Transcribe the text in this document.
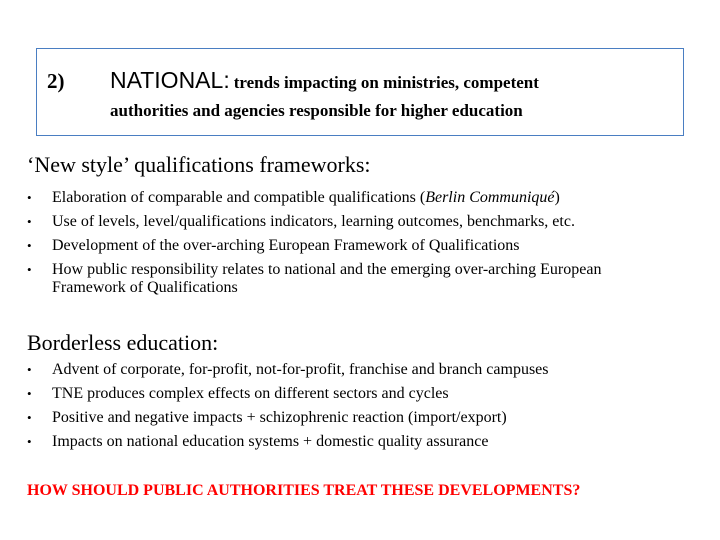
2) NATIONAL: trends impacting on ministries, competent
authorities and agencies responsible for higher education
‘New style’ qualifications frameworks:
•	Elaboration of comparable and compatible qualifications (Berlin Communiqué)
•	Use of levels, level/qualifications indicators, learning outcomes, benchmarks, etc.
•	Development of the over-arching European Framework of Qualifications
•	How public responsibility relates to national and the emerging over-arching European
Framework of Qualifications
Borderless education:
•	Advent of corporate, for-profit, not-for-profit, franchise and branch campuses
•	TNE produces complex effects on different sectors and cycles
•	Positive and negative impacts + schizophrenic reaction (import/export)
•	Impacts on national education systems + domestic quality assurance
HOW SHOULD PUBLIC AUTHORITIES TREAT THESE DEVELOPMENTS?
